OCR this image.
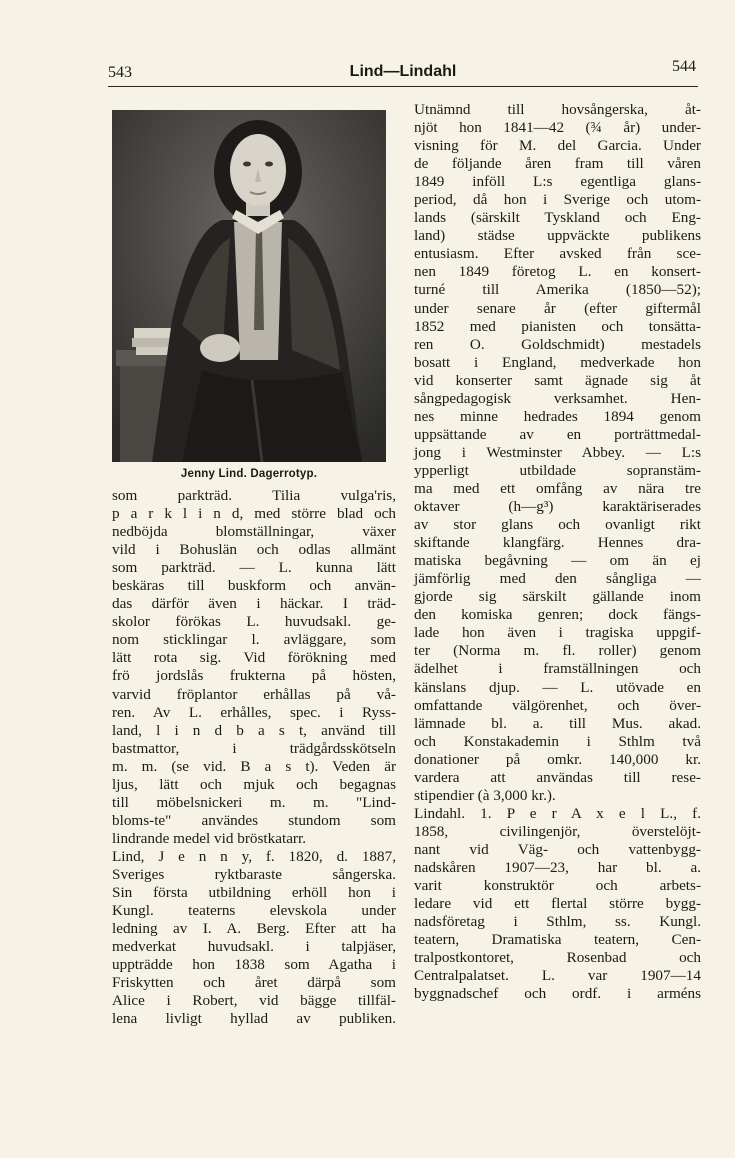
543	Lind—Lindahl	544
Jenny Lind. Dagerrotyp.
som parkträd. Tilia vulga'ris,
p a r k l i n d, med större blad och
nedböjda blomställningar, växer
vild i Bohuslän och odlas allmänt
som parkträd. — L. kunna lätt
beskäras till buskform och använ-
das därför även i häckar. I träd-
skolor förökas L. huvudsakl. ge-
nom sticklingar l. avläggare, som
lätt rota sig. Vid förökning med
frö jordslås frukterna på hösten,
varvid fröplantor erhållas på vå-
ren. Av L. erhålles, spec. i Ryss-
land, l i n d b a s t, använd till
bastmattor, i trädgårdsskötseln
m. m. (se vid. B a s t). Veden är
ljus, lätt och mjuk och begagnas
till möbelsnickeri m. m. "Lind-
bloms-te" användes stundom som
lindrande medel vid bröstkatarr.
Lind, J e n n y, f. 1820, d. 1887,
Sveriges ryktbaraste sångerska.
Sin första utbildning erhöll hon i
Kungl. teaterns elevskola under
ledning av I. A. Berg. Efter att ha
medverkat huvudsakl. i talpjäser,
uppträdde hon 1838 som Agatha i
Friskytten och året därpå som
Alice i Robert, vid bägge tillfäl-
lena livligt hyllad av publiken.
Utnämnd till hovsångerska, åt-
njöt hon 1841—42 (¾ år) under-
visning för M. del Garcia. Under
de följande åren fram till våren
1849 inföll L:s egentliga glans-
period, då hon i Sverige och utom-
lands (särskilt Tyskland och Eng-
land) städse uppväckte publikens
entusiasm. Efter avsked från sce-
nen 1849 företog L. en konsert-
turné till Amerika (1850—52);
under senare år (efter giftermål
1852 med pianisten och tonsätta-
ren O. Goldschmidt) mestadels
bosatt i England, medverkade hon
vid konserter samt ägnade sig åt
sångpedagogisk verksamhet. Hen-
nes minne hedrades 1894 genom
uppsättande av en porträttmedal-
jong i Westminster Abbey. — L:s
ypperligt utbildade sopranstäm-
ma med ett omfång av nära tre
oktaver (h—g³) karaktäriserades
av stor glans och ovanligt rikt
skiftande klangfärg. Hennes dra-
matiska begåvning — om än ej
jämförlig med den sångliga —
gjorde sig särskilt gällande inom
den komiska genren; dock fängs-
lade hon även i tragiska uppgif-
ter (Norma m. fl. roller) genom
ädelhet i framställningen och
känslans djup. — L. utövade en
omfattande välgörenhet, och över-
lämnade bl. a. till Mus. akad.
och Konstakademin i Sthlm två
donationer på omkr. 140,000 kr.
vardera att användas till rese-
stipendier (à 3,000 kr.).
Lindahl. 1. P e r A x e l L., f.
1858, civilingenjör, överstelöjt-
nant vid Väg- och vattenbygg-
nadskåren 1907—23, har bl. a.
varit konstruktör och arbets-
ledare vid ett flertal större bygg-
nadsföretag i Sthlm, ss. Kungl.
teatern, Dramatiska teatern, Cen-
tralpostkontoret, Rosenbad och
Centralpalatset. L. var 1907—14
byggnadschef och ordf. i arméns
